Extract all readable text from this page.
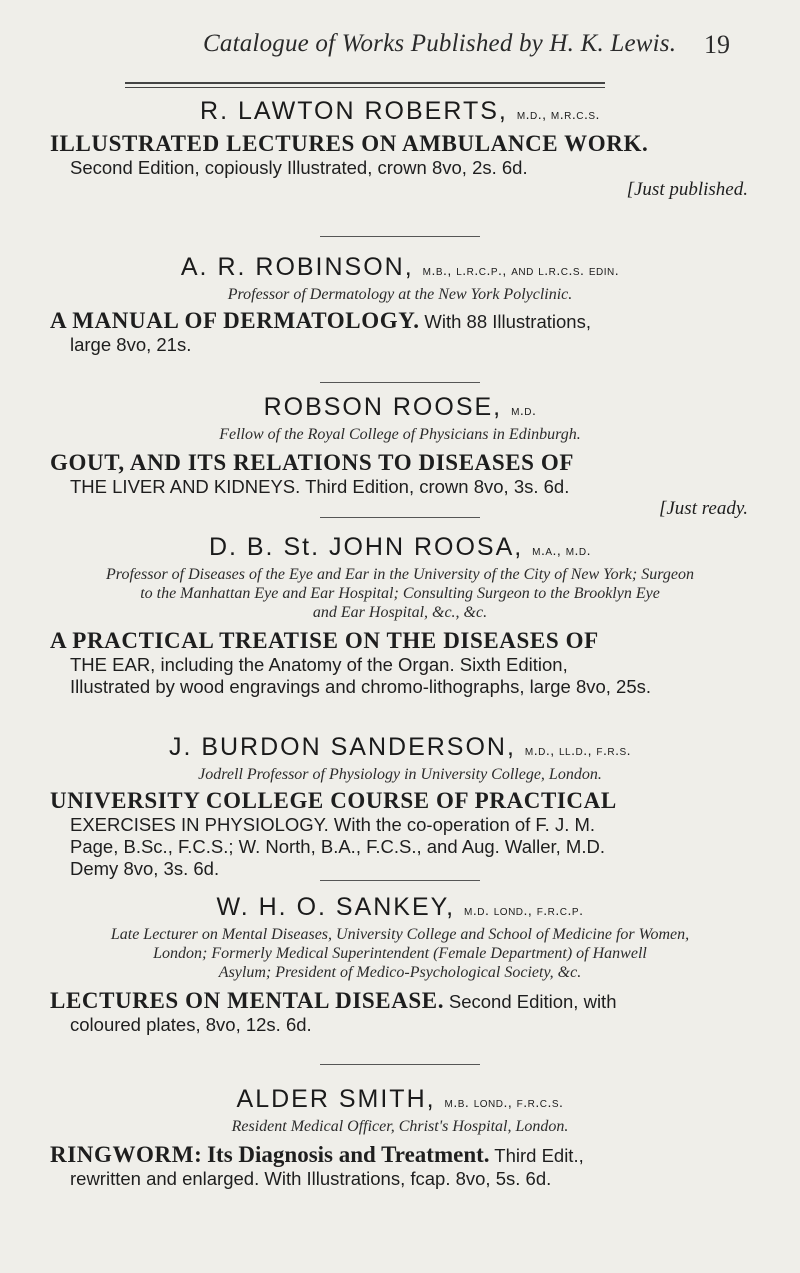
Catalogue of Works Published by H. K. Lewis. 19
R. LAWTON ROBERTS, m.d., m.r.c.s.
ILLUSTRATED LECTURES ON AMBULANCE WORK.
Second Edition, copiously Illustrated, crown 8vo, 2s. 6d.
[Just published.
A. R. ROBINSON, m.b., l.r.c.p., and l.r.c.s. edin.
Professor of Dermatology at the New York Polyclinic.
A MANUAL OF DERMATOLOGY. With 88 Illustrations,
large 8vo, 21s.
ROBSON ROOSE, m.d.
Fellow of the Royal College of Physicians in Edinburgh.
GOUT, AND ITS RELATIONS TO DISEASES OF
THE LIVER AND KIDNEYS. Third Edition, crown 8vo, 3s. 6d.
[Just ready.
D. B. St. JOHN ROOSA, m.a., m.d.
Professor of Diseases of the Eye and Ear in the University of the City of New York; Surgeon
to the Manhattan Eye and Ear Hospital; Consulting Surgeon to the Brooklyn Eye
and Ear Hospital, &c., &c.
A PRACTICAL TREATISE ON THE DISEASES OF
THE EAR, including the Anatomy of the Organ. Sixth Edition,
Illustrated by wood engravings and chromo-lithographs, large 8vo, 25s.
J. BURDON SANDERSON, m.d., ll.d., f.r.s.
Jodrell Professor of Physiology in University College, London.
UNIVERSITY COLLEGE COURSE OF PRACTICAL
EXERCISES IN PHYSIOLOGY. With the co-operation of F. J. M.
Page, B.Sc., F.C.S.; W. North, B.A., F.C.S., and Aug. Waller, M.D.
Demy 8vo, 3s. 6d.
W. H. O. SANKEY, m.d. lond., f.r.c.p.
Late Lecturer on Mental Diseases, University College and School of Medicine for Women,
London; Formerly Medical Superintendent (Female Department) of Hanwell
Asylum; President of Medico-Psychological Society, &c.
LECTURES ON MENTAL DISEASE. Second Edition, with
coloured plates, 8vo, 12s. 6d.
ALDER SMITH, m.b. lond., f.r.c.s.
Resident Medical Officer, Christ's Hospital, London.
RINGWORM: Its Diagnosis and Treatment. Third Edit.,
rewritten and enlarged. With Illustrations, fcap. 8vo, 5s. 6d.
